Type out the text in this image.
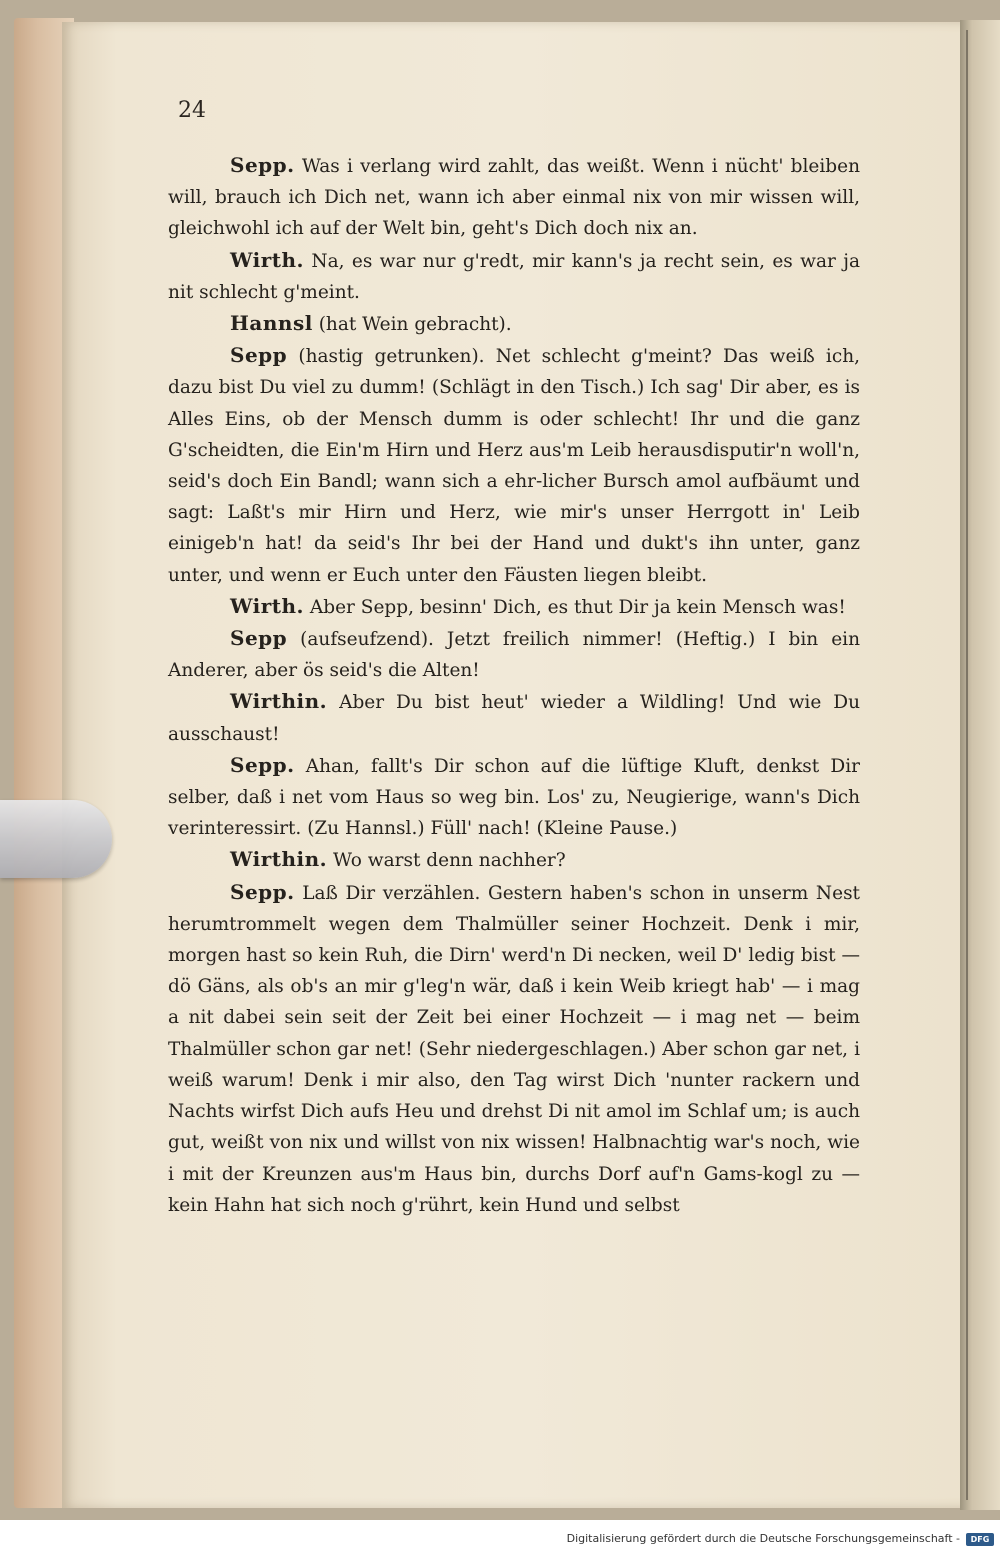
24

Sepp. Was i verlang wird zahlt, das weißt. Wenn i nücht' bleiben will, brauch ich Dich net, wann ich aber einmal nix von mir wissen will, gleichwohl ich auf der Welt bin, geht's Dich doch nix an.

Wirth. Na, es war nur g'redt, mir kann's ja recht sein, es war ja nit schlecht g'meint.

Hannsl (hat Wein gebracht).

Sepp (hastig getrunken). Net schlecht g'meint? Das weiß ich, dazu bist Du viel zu dumm! (Schlägt in den Tisch.) Ich sag' Dir aber, es is Alles Eins, ob der Mensch dumm is oder schlecht! Ihr und die ganz G'scheidten, die Ein'm Hirn und Herz aus'm Leib herausdisputir'n woll'n, seid's doch Ein Bandl; wann sich a ehr-licher Bursch amol aufbäumt und sagt: Laßt's mir Hirn und Herz, wie mir's unser Herrgott in' Leib einigeb'n hat! da seid's Ihr bei der Hand und dukt's ihn unter, ganz unter, und wenn er Euch unter den Fäusten liegen bleibt.

Wirth. Aber Sepp, besinn' Dich, es thut Dir ja kein Mensch was!

Sepp (aufseufzend). Jetzt freilich nimmer! (Heftig.) I bin ein Anderer, aber ös seid's die Alten!

Wirthin. Aber Du bist heut' wieder a Wildling! Und wie Du ausschaust!

Sepp. Ahan, fallt's Dir schon auf die lüftige Kluft, denkst Dir selber, daß i net vom Haus so weg bin. Los' zu, Neugierige, wann's Dich verinteressirt. (Zu Hannsl.) Füll' nach! (Kleine Pause.)

Wirthin. Wo warst denn nachher?

Sepp. Laß Dir verzählen. Gestern haben's schon in unserm Nest herumtrommelt wegen dem Thalmüller seiner Hochzeit. Denk i mir, morgen hast so kein Ruh, die Dirn' werd'n Di necken, weil D' ledig bist — dö Gäns, als ob's an mir g'leg'n wär, daß i kein Weib kriegt hab' — i mag a nit dabei sein seit der Zeit bei einer Hochzeit — i mag net — beim Thalmüller schon gar net! (Sehr niedergeschlagen.) Aber schon gar net, i weiß warum! Denk i mir also, den Tag wirst Dich 'nunter rackern und Nachts wirfst Dich aufs Heu und drehst Di nit amol im Schlaf um; is auch gut, weißt von nix und willst von nix wissen! Halbnachtig war's noch, wie i mit der Kreunzen aus'm Haus bin, durchs Dorf auf'n Gams-kogl zu — kein Hahn hat sich noch g'rührt, kein Hund und selbst

Digitalisierung gefördert durch die Deutsche Forschungsgemeinschaft -	DFG
